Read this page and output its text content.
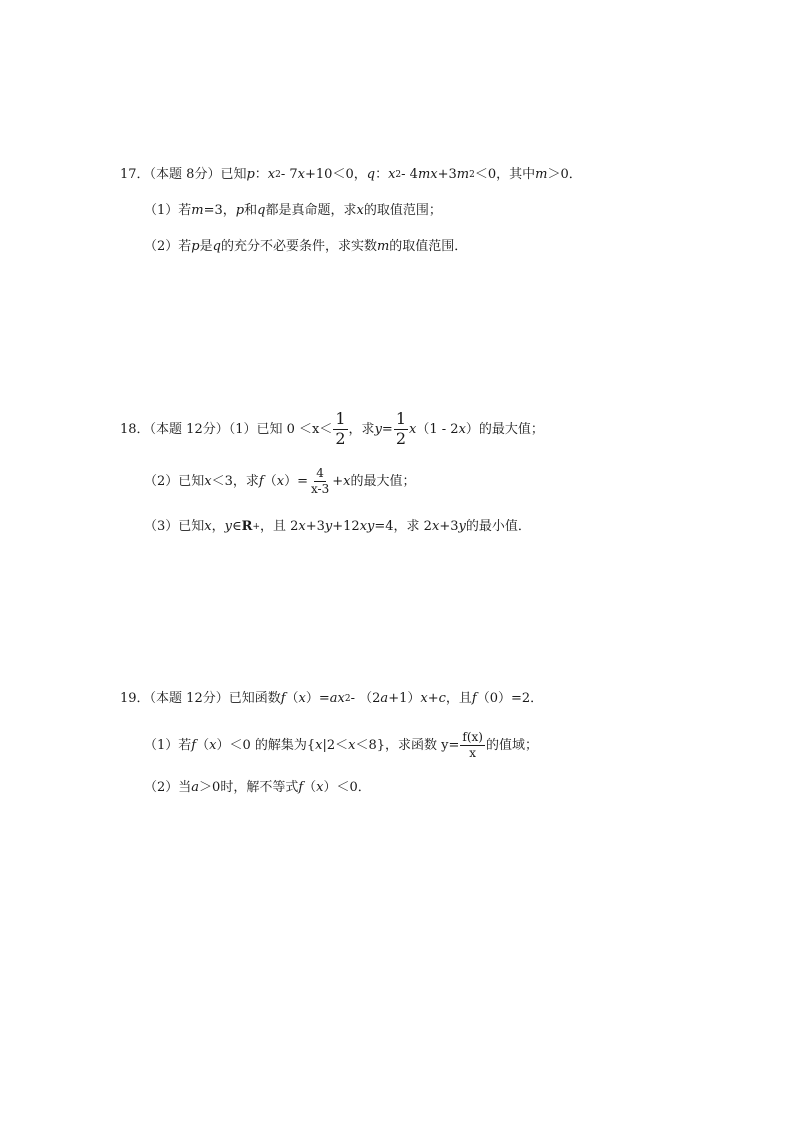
17．（本题 8分）已知 p ： x 2 - 7 x +10＜0， q ： x 2 - 4 mx +3 m 2 ＜0，其中 m ＞0．
（1）若 m =3， p 和 q 都是真命题，求 x 的取值范围；
（2）若 p 是 q 的充分不必要条件，求实数 m 的取值范围．
18．（本题 12分）（1）已知 $0 <x< \frac{1}{2}$ ，求 $y = \frac{1}{2}$ x （1 - 2 x ）的最大值；
（2）已知 x ＜3，求 f （ x ）= $\frac{4}{x-3} + x$ 的最大值；
（3）已知 x ， y ∈ R + ，且 2 x +3 y +12 xy =4，求 2 x +3 y 的最小值．
19．（本题 12分）已知函数 f （ x ）= ax 2 - （2 a +1） x + c ，且 f （0）=2．
（1）若 f （ x ）＜0 的解集为{ x |2＜ x ＜8}，求函数 $y= \frac{f(x)}{x}$ 的值域；
（2）当 a ＞0时，解不等式 f （ x ）＜0．
